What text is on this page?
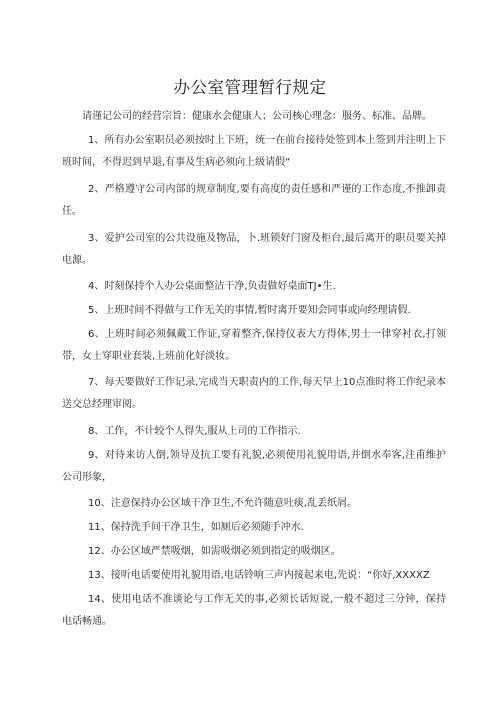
办公室管理暂行规定
请谨记公司的经营宗旨：健康水会健康人；公司核心理念：服务、标准、品牌。
1、所有办公室职员必须按时上下班，统一在前台接待处签到本上签到并注明上下班时间，不得迟到早退,有事及生病必须向上级请假“
2、严格遵守公司内部的规章制度,要有高度的责任感和严谨的工作态度,不推卸责任。
3、爱护公司室的公共设施及物品，卜.班锁好门窗及柜台,最后离开的职员要关掉电源。
4、时刻保持个人办公桌面整洁干净,负责做好桌面TJ•生.
5、上班时间不得做与工作无关的事情,暂时离开要知会同事或向经理请假.
6、上班时间必须佩戴工作证,穿着整齐,保持仪表大方得体,男士一律穿衬衣,打领带，女士穿职业套装,上班前化好淡妆。
7、每天要做好工作记录,完成当天职责内的工作,每天早上10点准时将工作纪录本送交总经理审阅。
8、工作，不计较个人得失,服从上司的工作指示.
9、对待来访人倒,领导及抗工要有礼貌,必须使用礼貌用语,并倒水奉客,注甫维护公司形象，
10、注意保持办公区域干净卫生,不允许随意吐痰,乱丢纸屑。
11、保持洗手间干净卫生，如厕后必须随手冲水.
12、办公区域严禁吸烟，如需吸烟必须到指定的吸烟区。
13、接听电话要使用礼貌用语,电话铃响三声内接起来电,先说：“你好,XXXXZ
14、使用电话不准谈论与工作无关的事,必须长话短说,一般不超过三分钟，保持电话畅通。
